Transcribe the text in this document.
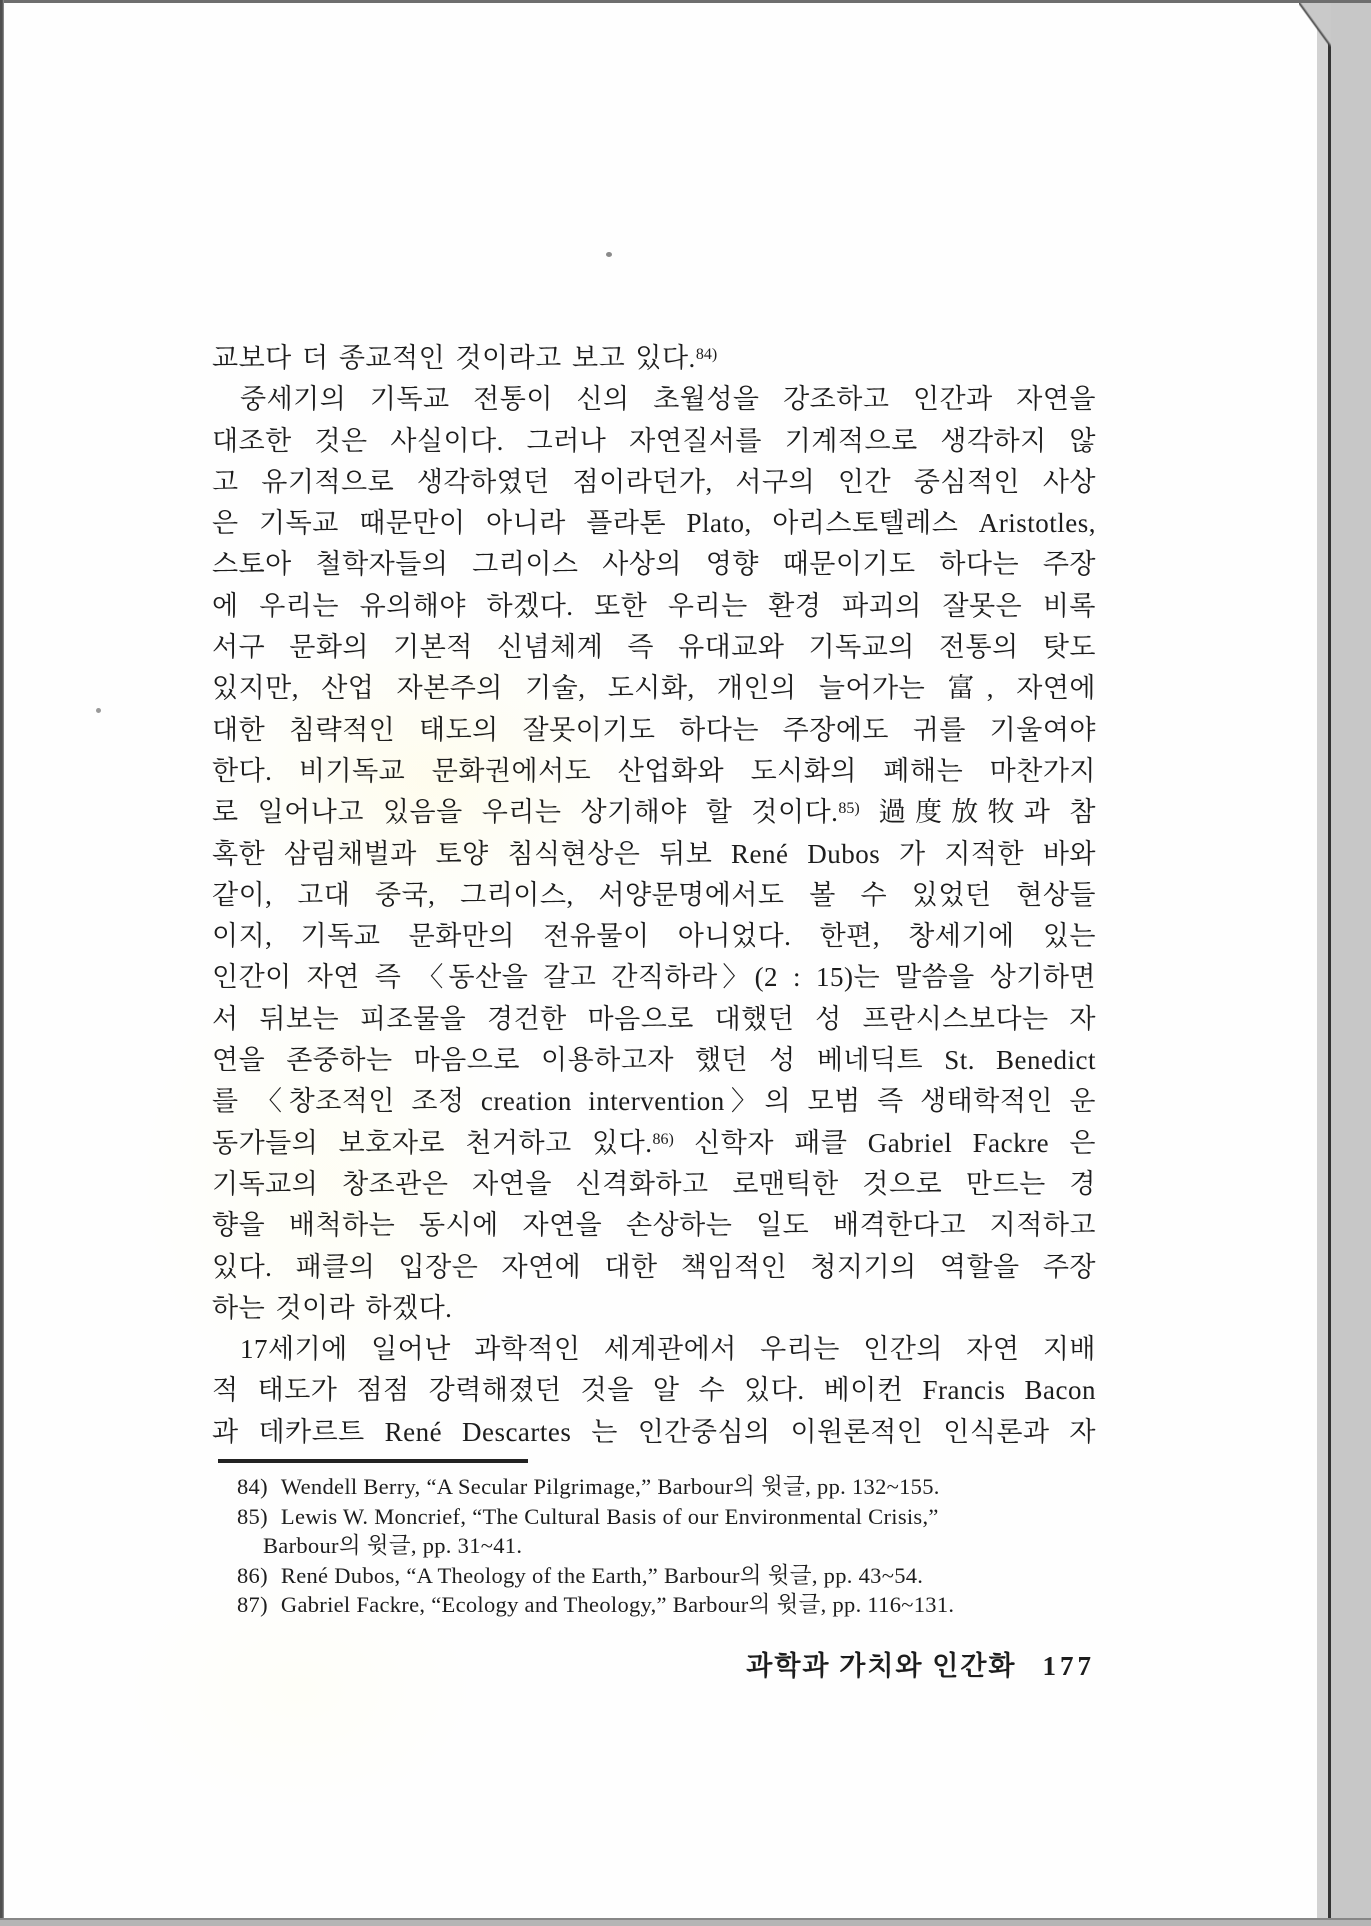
교보다 더 종교적인 것이라고 보고 있다.$^{84)}$
중세기의 기독교 전통이 신의 초월성을 강조하고 인간과 자연을
대조한 것은 사실이다. 그러나 자연질서를 기계적으로 생각하지 않
고 유기적으로 생각하였던 점이라던가, 서구의 인간 중심적인 사상
은 기독교 때문만이 아니라 플라톤 Plato, 아리스토텔레스 Aristotles,
스토아 철학자들의 그리이스 사상의 영향 때문이기도 하다는 주장
에 우리는 유의해야 하겠다. 또한 우리는 환경 파괴의 잘못은 비록
서구 문화의 기본적 신념체계 즉 유대교와 기독교의 전통의 탓도
있지만, 산업 자본주의 기술, 도시화, 개인의 늘어가는 富, 자연에
대한 침략적인 태도의 잘못이기도 하다는 주장에도 귀를 기울여야
한다. 비기독교 문화권에서도 산업화와 도시화의 폐해는 마찬가지
로 일어나고 있음을 우리는 상기해야 할 것이다.$^{85)}$ 過度放牧과 참
혹한 삼림채벌과 토양 침식현상은 뒤보 René Dubos 가 지적한 바와
같이, 고대 중국, 그리이스, 서양문명에서도 볼 수 있었던 현상들
이지, 기독교 문화만의 전유물이 아니었다. 한편, 창세기에 있는
인간이 자연 즉 〈동산을 갈고 간직하라〉(2 : 15)는 말씀을 상기하면
서 뒤보는 피조물을 경건한 마음으로 대했던 성 프란시스보다는 자
연을 존중하는 마음으로 이용하고자 했던 성 베네딕트 St. Benedict
를 〈창조적인 조정 creation intervention〉의 모범 즉 생태학적인 운
동가들의 보호자로 천거하고 있다.$^{86)}$ 신학자 패클 Gabriel Fackre 은
기독교의 창조관은 자연을 신격화하고 로맨틱한 것으로 만드는 경
향을 배척하는 동시에 자연을 손상하는 일도 배격한다고 지적하고
있다. 패클의 입장은 자연에 대한 책임적인 청지기의 역할을 주장
하는 것이라 하겠다.
17세기에 일어난 과학적인 세계관에서 우리는 인간의 자연 지배
적 태도가 점점 강력해졌던 것을 알 수 있다. 베이컨 Francis Bacon
과 데카르트 René Descartes 는 인간중심의 이원론적인 인식론과 자
84) Wendell Berry, “A Secular Pilgrimage,” Barbour의 윗글, pp. 132~155.
85) Lewis W. Moncrief, “The Cultural Basis of our Environmental Crisis,”
Barbour의 윗글, pp. 31~41.
86) René Dubos, “A Theology of the Earth,” Barbour의 윗글, pp. 43~54.
87) Gabriel Fackre, “Ecology and Theology,” Barbour의 윗글, pp. 116~131.
과학과 가치와 인간화 177
